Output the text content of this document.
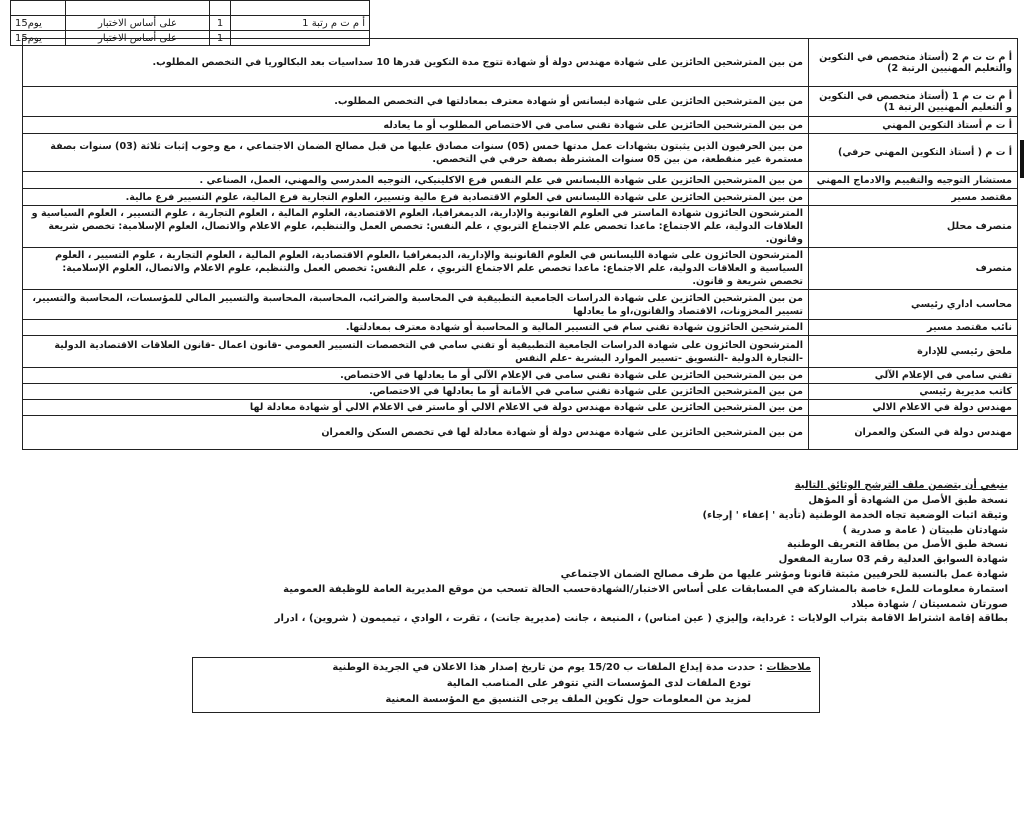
15يوم	على أساس الاختبار	1	أ م ت م رتبة 1
15يوم	على أساس الاختبار	1	
أ م ت ت م 2 (أستاذ متخصص في التكوين والتعليم المهنيين الرتبة 2)	من بين المترشحين الحائزين على شهادة مهندس دولة أو شهادة تتوج مدة التكوين قدرها 10 سداسيات بعد البكالوريا في التخصص المطلوب.
أ م ت ت م 1 (أستاذ متخصص في التكوين و التعليم المهنيين الرتبة 1)	من بين المترشحين الحائزين على شهادة ليسانس أو شهادة معترف بمعادلتها في التخصص المطلوب.
أ ت م أستاذ التكوين المهني	من بين المترشحين الحائزين على شهادة تقني سامي في الاختصاص المطلوب أو ما يعادله
أ ت م ( أستاذ التكوين المهني حرفي)	من بين الحرفيون الذين يثبتون بشهادات عمل مدتها خمس (05) سنوات مصادق عليها من قبل مصالح الضمان الاجتماعي ، مع وجوب إثبات ثلاثة (03) سنوات بصفة مستمرة غير منقطعة، من بين 05 سنوات المشترطة بصفة حرفي في التخصص.
مستشار التوجيه والتقييم والادماج المهني	من بين المترشحين الحائزين على شهادة الليسانس في علم النفس فرع الاكلينيكي، التوجيه المدرسي والمهني، العمل، الصناعي .
مقتصد مسير	من بين المترشحين الحائزين على شهادة الليسانس في العلوم الاقتصادية فرع مالية وتسيير، العلوم التجارية فرع المالية، علوم التسيير فرع مالية.
متصرف محلل	المترشحون الحائزون شهادة الماستر في العلوم القانونية والإدارية، الديمغرافيا، العلوم الاقتصادية، العلوم المالية ، العلوم التجارية ، علوم التسيير ، العلوم السياسية و العلاقات الدولية، علم الاجتماع: ماعدا تخصص علم الاجتماع التربوي ، علم النفس: تخصص العمل والتنظيم، علوم الاعلام والاتصال، العلوم الإسلامية: تخصص شريعة وقانون.
متصرف	المترشحون الحائزون على شهادة الليسانس في العلوم القانونية والإدارية، الديمغرافيا ،العلوم الاقتصادية، العلوم المالية ، العلوم التجارية ، علوم التسيير ، العلوم السياسية و العلاقات الدولية، علم الاجتماع: ماعدا تخصص علم الاجتماع التربوي ، علم النفس: تخصص العمل والتنظيم، علوم الاعلام والاتصال، العلوم الإسلامية: تخصص شريعة و قانون.
محاسب اداري رئيسي	من بين المترشحين الحائزين على شهادة الدراسات الجامعية التطبيقية في المحاسبة والضرائب، المحاسبة، المحاسبة والتسيير المالي للمؤسسات، المحاسبة والتسيير، تسيير المخزونات، الاقتصاد والقانون،او ما يعادلها
نائب مقتصد مسير	المترشحين الحائزون شهادة تقني سام في التسيير المالية و المحاسبة أو شهادة معترف بمعادلتها.
ملحق رئيسي للإدارة	المترشحون الحائزون على شهادة الدراسات الجامعية التطبيقية أو تقني سامي في التخصصات التسيير العمومي -قانون اعمال -قانون العلاقات الاقتصادية الدولية -التجارة الدولية -التسويق -تسيير الموارد البشرية -علم النفس
تقني سامي في الإعلام الآلي	من بين المترشحين الحائزين على شهادة تقني سامي في الإعلام الآلي أو ما يعادلها في الاختصاص.
كاتب مديرية رئيسي	من بين المترشحين الحائزين على شهادة تقني سامي في الأمانة أو ما يعادلها في الاختصاص.
مهندس دولة في الاعلام الالي	من بين المترشحين الحائزين على شهادة مهندس دولة في الاعلام الالي أو ماستر في الاعلام الالي أو شهادة معادلة لها
مهندس دولة في السكن والعمران	من بين المترشحين الحائزين على شهادة مهندس دولة أو شهادة معادلة لها في تخصص السكن والعمران
ينبغي أن يتضمن ملف الترشح الوثائق التالية
نسخة طبق الأصل من الشهادة أو المؤهل
وثيقة اثبات الوضعية تجاه الخدمة الوطنية (تأدية ' إعفاء ' إرجاء)
شهادتان طبيتان ( عامة و صدرية )
نسخة طبق الأصل من بطاقة التعريف الوطنية
شهادة السوابق العدلية رقم 03 سارية المفعول
شهادة عمل بالنسبة للحرفيين مثبتة قانونا ومؤشر عليها من طرف مصالح الضمان الاجتماعي
استمارة معلومات للملء خاصة بالمشاركة في المسابقات على أساس الاختبار/الشهادةحسب الحالة تسحب من موقع المديرية العامة للوظيفة العمومية
صورتان شمسيتان / شهادة ميلاد
بطاقة إقامة اشتراط الاقامة بتراب الولايات : غرداية، وإليزي ( عين امناس) ، المنيعة ، جانت (مديرية جانت) ، تقرت ، الوادي ، تيميمون ( شروين) ، ادرار
ملاحظات : حددت مدة إيداع الملفات ب 15/20 يوم من تاريخ إصدار هذا الاعلان في الجريدة الوطنية
تودع الملفات لدى المؤسسات التي تتوفر على المناصب المالية
لمزيد من المعلومات حول تكوين الملف يرجى التنسيق مع المؤسسة المعنية
